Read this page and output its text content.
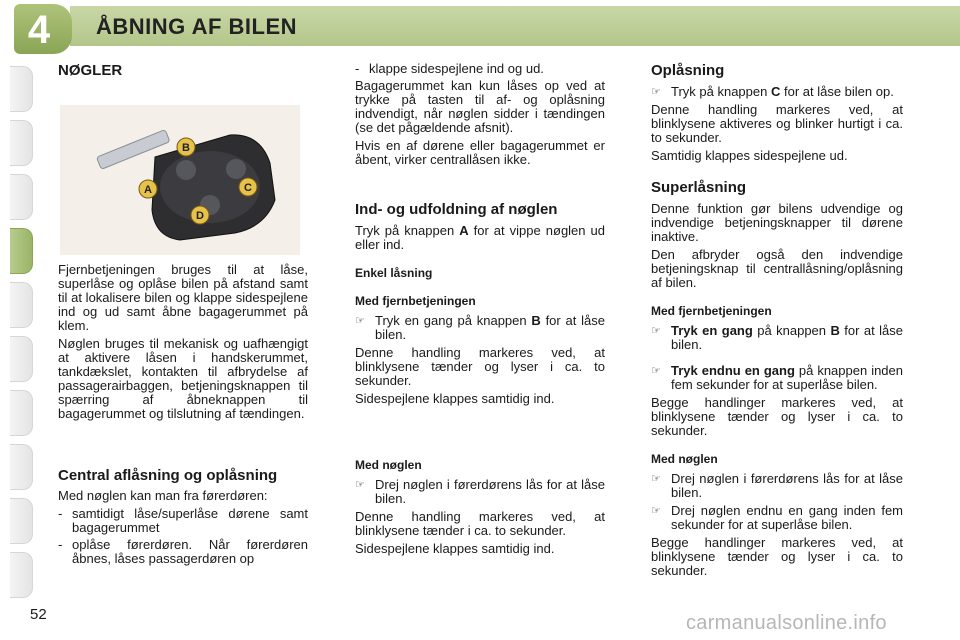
4	ÅBNING AF BILEN
NØGLER
B
A	C
D

Fjernbetjeningen bruges til at låse, superlåse og oplåse bilen på afstand samt til at lokalisere bilen og klappe sidespejlene ind og ud samt åbne bagagerummet på klem.

Nøglen bruges til mekanisk og uafhængigt at aktivere låsen i handskerummet, tankdækslet, kontakten til afbrydelse af passagerairbaggen, betjeningsknappen til spærring af åbneknappen til bagagerummet og tilslutning af tændingen.

Central aflåsning og oplåsning

Med nøglen kan man fra førerdøren:

- samtidigt låse/superlåse dørene samt bagagerummet
- oplåse førerdøren. Når førerdøren åbnes, låses passagerdøren op
- klappe sidespejlene ind og ud.

Bagagerummet kan kun låses op ved at trykke på tasten til af- og oplåsning indvendigt, når nøglen sidder i tændingen (se det pågældende afsnit).

Hvis en af dørene eller bagagerummet er åbent, virker centrallåsen ikke.

Ind- og udfoldning af nøglen

Tryk på knappen A for at vippe nøglen ud eller ind.

Enkel låsning
Med fjernbetjeningen
☞ Tryk en gang på knappen B for at låse bilen.

Denne handling markeres ved, at blinklysene tænder og lyser i ca. to sekunder.

Sidespejlene klappes samtidig ind.

Med nøglen
☞ Drej nøglen i førerdørens lås for at låse bilen.

Denne handling markeres ved, at blinklysene tænder i ca. to sekunder.

Sidespejlene klappes samtidig ind.

Oplåsning
☞ Tryk på knappen C for at låse bilen op.

Denne handling markeres ved, at blinklysene aktiveres og blinker hurtigt i ca. to sekunder.

Samtidig klappes sidespejlene ud.

Superlåsning

Denne funktion gør bilens udvendige og indvendige betjeningsknapper til dørene inaktive.

Den afbryder også den indvendige betjeningsknap til centrallåsning/oplåsning af bilen.

Med fjernbetjeningen
☞ Tryk en gang på knappen B for at låse bilen.
☞ Tryk endnu en gang på knappen inden fem sekunder for at superlåse bilen.

Begge handlinger markeres ved, at blinklysene tænder og lyser i ca. to sekunder.

Med nøglen
☞ Drej nøglen i førerdørens lås for at låse bilen.
☞ Drej nøglen endnu en gang inden fem sekunder for at superlåse bilen.

Begge handlinger markeres ved, at blinklysene tænder og lyser i ca. to sekunder.

52	carmanualsonline.info
